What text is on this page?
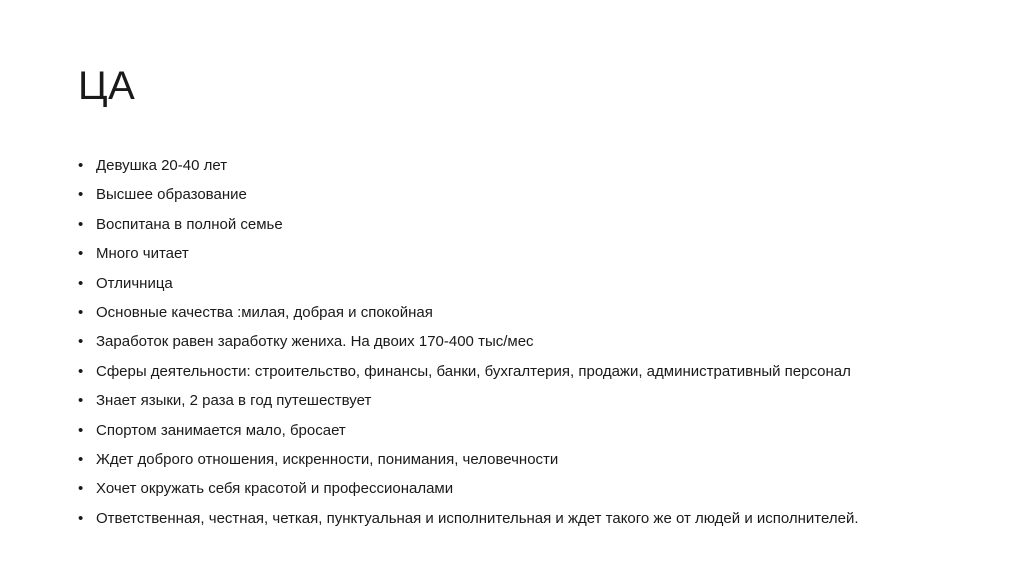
ЦА
• Девушка 20-40 лет
• Высшее образование
• Воспитана в полной семье
• Много читает
• Отличница
• Основные качества :милая, добрая и спокойная
• Заработок равен заработку жениха. На двоих 170-400 тыс/мес
• Сферы деятельности: строительство, финансы, банки, бухгалтерия, продажи, административный персонал
• Знает языки, 2 раза в год путешествует
• Спортом занимается мало, бросает
• Ждет доброго отношения, искренности, понимания, человечности
• Хочет окружать себя красотой и профессионалами
• Ответственная, честная, четкая, пунктуальная и исполнительная и ждет такого же от людей и исполнителей.
